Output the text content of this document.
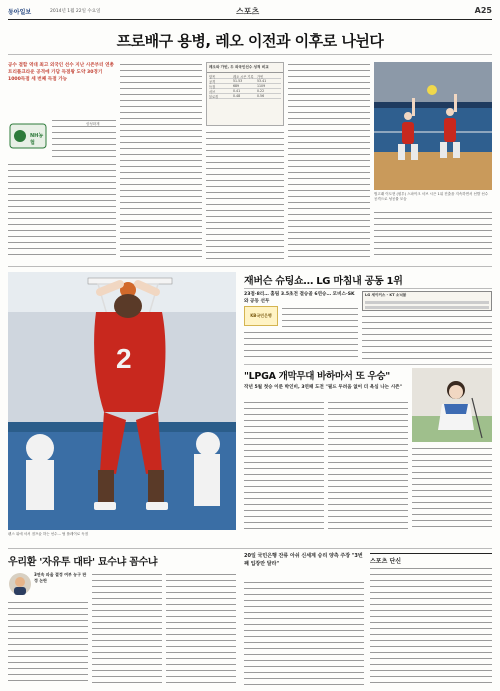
동아일보	2014년 1월 22일 수요일	스포츠	A25
프로배구 용병, 레오 이전과 이후로 나뉜다
공수 결합 역대 최고 외국인 선수 지난 시즌부터 연총 트리플크라운 공격에 가담 득점왕 도약 30경기 1000득점 세 번째 득점 가능
NH농협
삼성화재
레오와 가빈, 두 외국인선수 성적 비교
항목	레오 시즌 기록	가빈
공격	51.53	53.41
득점	689	1109
서브	0.41	0.22
블로킹	0.48	0.56
범고래 이도현 (원투) 스파이크 서브 시즌 1위 진출을 지속하면서 선발 선수 공격으로 성공률 모습
2
펜스 위에 서서 점프슛 하는 선수… 팀 플레이로 득점
재버슨 슈팅쇼… LG 마침내 공동 1위
23점·8리… 홈팀 3.5초전 결승골 6연승… 모비스·SK와 공동 선두
KB국민은행
LG 세이커스 - KT 소닉붐
"LPGA 개막무대 바하마서 또 우승"
작년 5월 첫승 이룬 박인비, 3연패 도전 "필드 두려움 없어 더 욕심 나는 시즌"
우리환 '자유투 대타' 묘수냐 꼼수냐
3연속 파울 결정 여부 농구 판정 논란
20일 국민은행 잔류 아쉬 신세계 승리 양측 주장 "3번째 입장만 달라"	스포츠 단신
